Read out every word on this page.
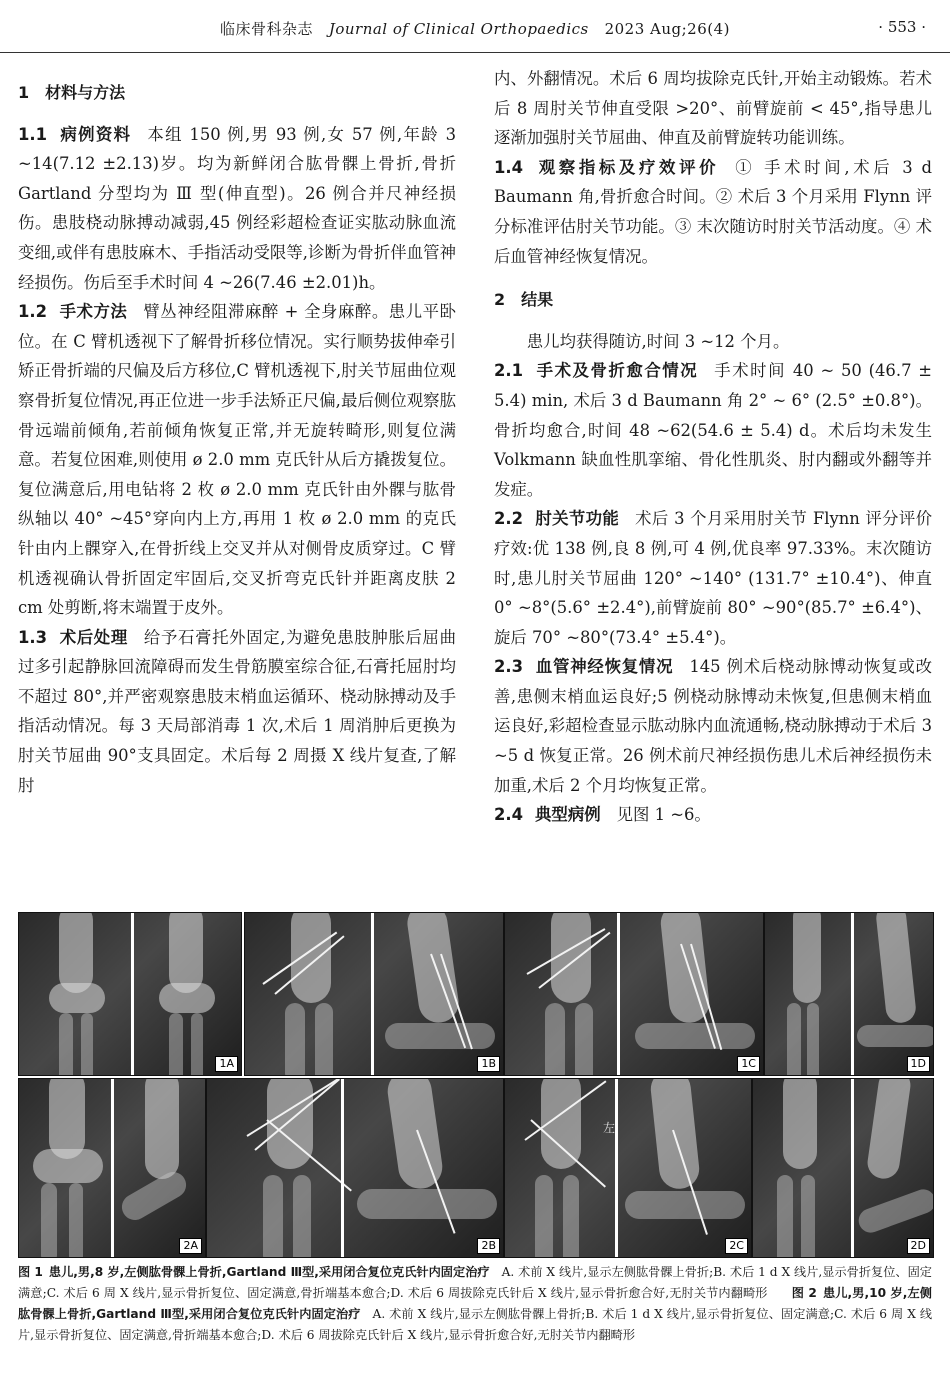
临床骨科杂志 Journal of Clinical Orthopaedics 2023 Aug;26(4)	· 553 ·
1 材料与方法

1.1 病例资料 本组 150 例,男 93 例,女 57 例,年龄 3 ~14(7.12 ±2.13)岁。均为新鲜闭合肱骨髁上骨折,骨折 Gartland 分型均为 Ⅲ 型(伸直型)。26 例合并尺神经损伤。患肢桡动脉搏动减弱,45 例经彩超检查证实肱动脉血流变细,或伴有患肢麻木、手指活动受限等,诊断为骨折伴血管神经损伤。伤后至手术时间 4 ~26(7.46 ±2.01)h。

1.2 手术方法 臂丛神经阻滞麻醉 + 全身麻醉。患儿平卧位。在 C 臂机透视下了解骨折移位情况。实行顺势拔伸牵引矫正骨折端的尺偏及后方移位,C 臂机透视下,肘关节屈曲位观察骨折复位情况,再正位进一步手法矫正尺偏,最后侧位观察肱骨远端前倾角,若前倾角恢复正常,并无旋转畸形,则复位满意。若复位困难,则使用 ø 2.0 mm 克氏针从后方撬拨复位。复位满意后,用电钻将 2 枚 ø 2.0 mm 克氏针由外髁与肱骨纵轴以 40° ~45°穿向内上方,再用 1 枚 ø 2.0 mm 的克氏针由内上髁穿入,在骨折线上交叉并从对侧骨皮质穿过。C 臂机透视确认骨折固定牢固后,交叉折弯克氏针并距离皮肤 2 cm 处剪断,将末端置于皮外。

1.3 术后处理 给予石膏托外固定,为避免患肢肿胀后屈曲过多引起静脉回流障碍而发生骨筋膜室综合征,石膏托屈肘均不超过 80°,并严密观察患肢末梢血运循环、桡动脉搏动及手指活动情况。每 3 天局部消毒 1 次,术后 1 周消肿后更换为肘关节屈曲 90°支具固定。术后每 2 周摄 X 线片复查,了解肘

内、外翻情况。术后 6 周均拔除克氏针,开始主动锻炼。若术后 8 周肘关节伸直受限 >20°、前臂旋前 < 45°,指导患儿逐渐加强肘关节屈曲、伸直及前臂旋转功能训练。

1.4 观察指标及疗效评价 ① 手术时间,术后 3 d Baumann 角,骨折愈合时间。② 术后 3 个月采用 Flynn 评分标准评估肘关节功能。③ 末次随访时肘关节活动度。④ 术后血管神经恢复情况。

2 结果

患儿均获得随访,时间 3 ~12 个月。

2.1 手术及骨折愈合情况 手术时间 40 ~ 50 (46.7 ± 5.4) min, 术后 3 d Baumann 角 2° ~ 6° (2.5° ±0.8°)。骨折均愈合,时间 48 ~62(54.6 ± 5.4) d。术后均未发生 Volkmann 缺血性肌挛缩、骨化性肌炎、肘内翻或外翻等并发症。

2.2 肘关节功能 术后 3 个月采用肘关节 Flynn 评分评价疗效:优 138 例,良 8 例,可 4 例,优良率 97.33%。末次随访时,患儿肘关节屈曲 120° ~140° (131.7° ±10.4°)、伸直 0° ~8°(5.6° ±2.4°),前臂旋前 80° ~90°(85.7° ±6.4°)、旋后 70° ~80°(73.4° ±5.4°)。

2.3 血管神经恢复情况 145 例术后桡动脉博动恢复或改善,患侧末梢血运良好;5 例桡动脉博动未恢复,但患侧末梢血运良好,彩超检查显示肱动脉内血流通畅,桡动脉搏动于术后 3 ~5 d 恢复正常。26 例术前尺神经损伤患儿术后神经损伤未加重,术后 2 个月均恢复正常。

2.4 典型病例 见图 1 ~6。

1A	1B	1C	1D
2A	2B
左
2C	2D
图 1 患儿,男,8 岁,左侧肱骨髁上骨折,Gartland Ⅲ型,采用闭合复位克氏针内固定治疗 A. 术前 X 线片,显示左侧肱骨髁上骨折;B. 术后 1 d X 线片,显示骨折复位、固定满意;C. 术后 6 周 X 线片,显示骨折复位、固定满意,骨折端基本愈合;D. 术后 6 周拔除克氏针后 X 线片,显示骨折愈合好,无肘关节内翻畸形 图 2 患儿,男,10 岁,左侧肱骨髁上骨折,Gartland Ⅲ型,采用闭合复位克氏针内固定治疗 A. 术前 X 线片,显示左侧肱骨髁上骨折;B. 术后 1 d X 线片,显示骨折复位、固定满意;C. 术后 6 周 X 线片,显示骨折复位、固定满意,骨折端基本愈合;D. 术后 6 周拔除克氏针后 X 线片,显示骨折愈合好,无肘关节内翻畸形
